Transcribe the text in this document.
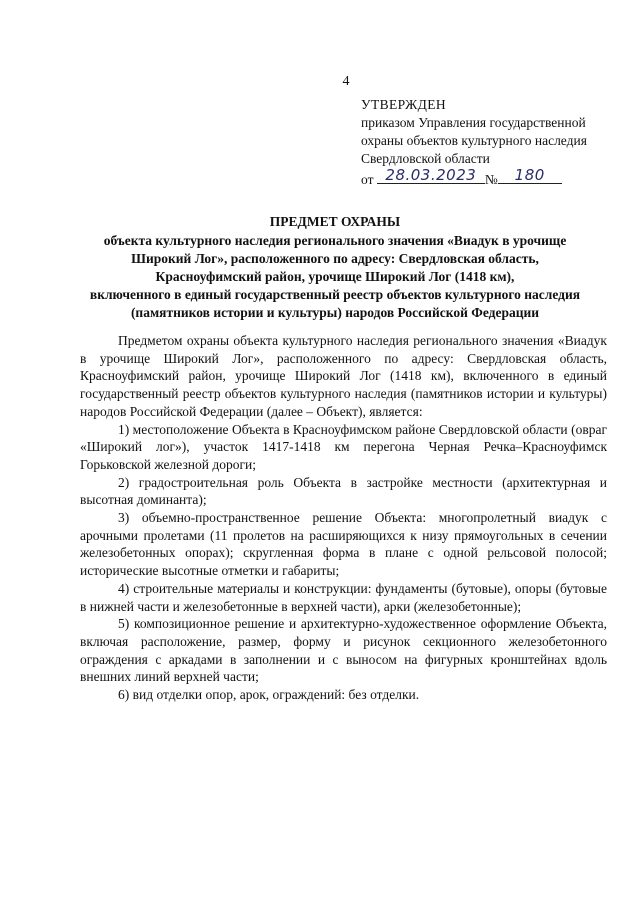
4
УТВЕРЖДЕН
приказом Управления государственной
охраны объектов культурного наследия
Свердловской области
от 28.03.2023 №	180
ПРЕДМЕТ ОХРАНЫ
объекта культурного наследия регионального значения «Виадук в урочище
Широкий Лог», расположенного по адресу: Свердловская область,
Красноуфимский район, урочище Широкий Лог (1418 км),
включенного в единый государственный реестр объектов культурного наследия
(памятников истории и культуры) народов Российской Федерации

Предметом охраны объекта культурного наследия регионального значения «Виадук в урочище Широкий Лог», расположенного по адресу: Свердловская область, Красноуфимский район, урочище Широкий Лог (1418 км), включенного в единый государственный реестр объектов культурного наследия (памятников истории и культуры) народов Российской Федерации (далее – Объект), является:

1) местоположение Объекта в Красноуфимском районе Свердловской области (овраг «Широкий лог»), участок 1417-1418 км перегона Черная Речка–Красноуфимск Горьковской железной дороги;

2) градостроительная роль Объекта в застройке местности (архитектурная и высотная доминанта);

3) объемно-пространственное решение Объекта: многопролетный виадук с арочными пролетами (11 пролетов на расширяющихся к низу прямоугольных в сечении железобетонных опорах); скругленная форма в плане с одной рельсовой полосой; исторические высотные отметки и габариты;

4) строительные материалы и конструкции: фундаменты (бутовые), опоры (бутовые в нижней части и железобетонные в верхней части), арки (железобетонные);

5) композиционное решение и архитектурно-художественное оформление Объекта, включая расположение, размер, форму и рисунок секционного железобетонного ограждения с аркадами в заполнении и с выносом на фигурных кронштейнах вдоль внешних линий верхней части;

6) вид отделки опор, арок, ограждений: без отделки.
